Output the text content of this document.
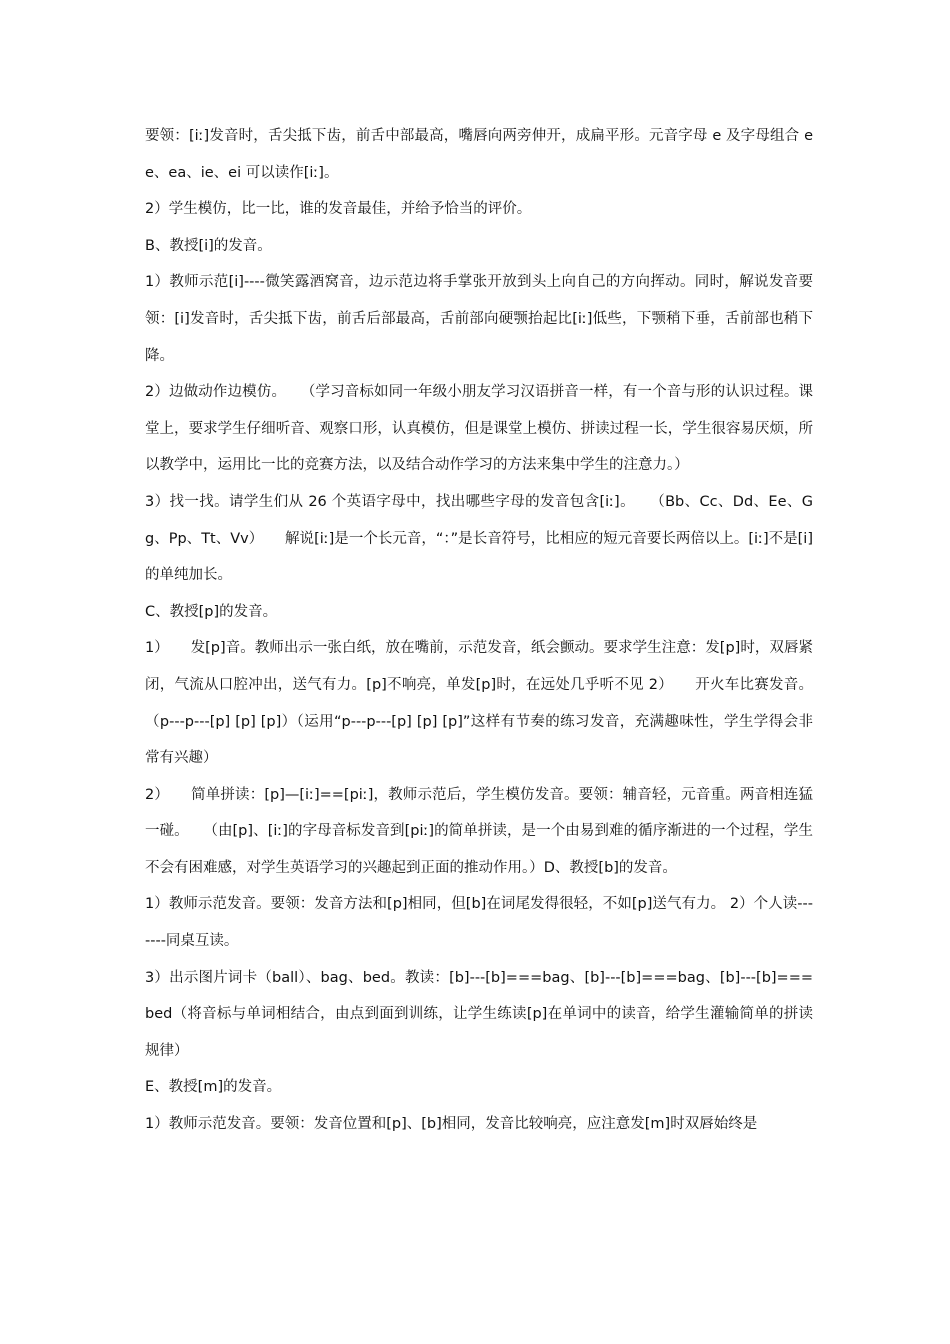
要领：[iː]发音时，舌尖抵下齿，前舌中部最高，嘴唇向两旁伸开，成扁平形。元音字母 e 及字母组合 ee、ea、ie、ei 可以读作[iː]。

2）学生模仿，比一比，谁的发音最佳，并给予恰当的评价。

B、教授[i]的发音。

1）教师示范[i]----微笑露酒窝音，边示范边将手掌张开放到头上向自己的方向挥动。同时，解说发音要领：[i]发音时，舌尖抵下齿，前舌后部最高，舌前部向硬颚抬起比[iː]低些，下颚稍下垂，舌前部也稍下降。

2）边做动作边模仿。　　（学习音标如同一年级小朋友学习汉语拼音一样，有一个音与形的认识过程。课堂上，要求学生仔细听音、观察口形，认真模仿，但是课堂上模仿、拼读过程一长，学生很容易厌烦，所以教学中，运用比一比的竞赛方法，以及结合动作学习的方法来集中学生的注意力。）

3）找一找。请学生们从 26 个英语字母中，找出哪些字母的发音包含[iː]。　　（Bb、Cc、Dd、Ee、Gg、Pp、Tt、Vv）　　解说[iː]是一个长元音，“：”是长音符号，比相应的短元音要长两倍以上。[iː]不是[i]的单纯加长。

C、教授[p]的发音。

1）　　发[p]音。教师出示一张白纸，放在嘴前，示范发音，纸会颤动。要求学生注意：发[p]时，双唇紧闭，气流从口腔冲出，送气有力。[p]不响亮，单发[p]时，在远处几乎听不见 2）　　开火车比赛发音。（p---p---[p] [p] [p]）（运用“p---p---[p] [p] [p]”这样有节奏的练习发音，充满趣味性，学生学得会非常有兴趣）

2）　　简单拼读：[p]—[iː]==[piː]，教师示范后，学生模仿发音。要领：辅音轻，元音重。两音相连猛一碰。　　（由[p]、[iː]的字母音标发音到[piː]的简单拼读，是一个由易到难的循序渐进的一个过程，学生不会有困难感，对学生英语学习的兴趣起到正面的推动作用。）D、教授[b]的发音。

1）教师示范发音。要领：发音方法和[p]相同，但[b]在词尾发得很轻，不如[p]送气有力。 2）个人读-------同桌互读。

3）出示图片词卡（ball）、bag、bed。教读：[b]---[b]===bag、[b]---[b]===bag、[b]---[b]===bed（将音标与单词相结合，由点到面到训练，让学生练读[p]在单词中的读音，给学生灌输简单的拼读规律）

E、教授[m]的发音。

1）教师示范发音。要领：发音位置和[p]、[b]相同，发音比较响亮，应注意发[m]时双唇始终是
